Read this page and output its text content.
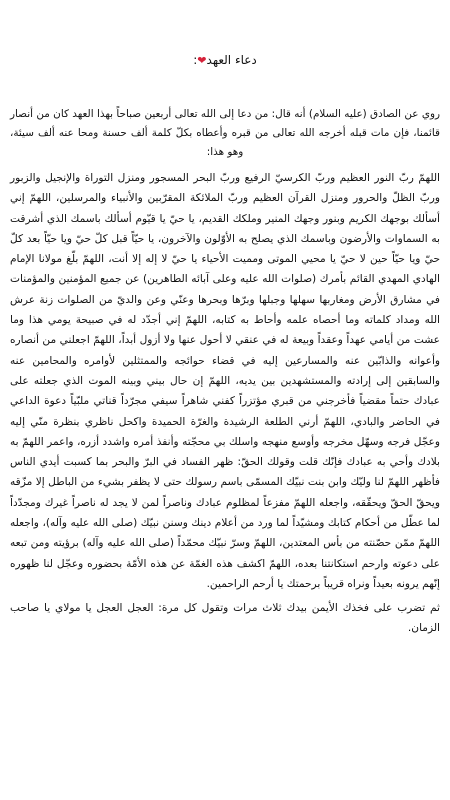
دعاء العهد❤:

روي عن الصادق (عليه السلام) أنه قال: من دعا إلى الله تعالى أربعين صباحاً بهذا العهد كان من أنصار قائمنا، فإن مات قبله أخرجه الله تعالى من قبره وأعطاه بكلّ كلمة ألف حسنة ومحا عنه ألف سيئة، وهو هذا:

اللهمّ ربّ النور العظيم وربّ الكرسيّ الرفيع وربّ البحر المسجور ومنزل التوراة والإنجيل والزبور وربّ الظلّ والحرور ومنزل القرآن العظيم وربّ الملائكة المقرّبين والأنبياء والمرسلين، اللهمّ إني أسألك بوجهك الكريم وبنور وجهك المنير وملكك القديم، يا حيّ يا قيّوم أسألك باسمك الذي أشرقت به السماوات والأرضون وباسمك الذي يصلح به الأوّلون والآخرون، يا حيّاً قبل كلّ حيّ ويا حيّاً بعد كلّ حيّ ويا حيّاً حين لا حيّ يا محيي الموتى ومميت الأحياء يا حيّ لا إله إلا أنت، اللهمّ بلّغ مولانا الإمام الهادي المهدي القائم بأمرك (صلوات الله عليه وعلى آبائه الطاهرين) عن جميع المؤمنين والمؤمنات في مشارق الأرض ومغاربها سهلها وجبلها وبرّها وبحرها وعنّي وعن والديّ من الصلوات زنة عرش الله ومداد كلماته وما أحصاه علمه وأحاط به كتابه، اللهمّ إني أجدّد له في صبيحة يومي هذا وما عشت من أيامي عهداً وعقداً وبيعة له في عنقي لا أحول عنها ولا أزول أبداً، اللهمّ اجعلني من أنصاره وأعوانه والذابّين عنه والمسارعين إليه في قضاء حوائجه والممتثلين لأوامره والمحامين عنه والسابقين إلى إرادته والمستشهدين بين يديه، اللهمّ إن حال بيني وبينه الموت الذي جعلته على عبادك حتماً مقضياً فأخرجني من قبري مؤتزراً كفني شاهراً سيفي مجرّداً قناتي ملبّياً دعوة الداعي في الحاضر والبادي، اللهمّ أرني الطلعة الرشيدة والغرّة الحميدة واكحل ناظري بنظرة منّي إليه وعجّل فرجه وسهّل مخرجه وأوسع منهجه واسلك بي محجّته وأنفذ أمره واشدد أزره، واعمر اللهمّ به بلادك وأحي به عبادك فإنّك قلت وقولك الحقّ: ظهر الفساد في البرّ والبحر بما كسبت أيدي الناس فأظهر اللهمّ لنا وليّك وابن بنت نبيّك المسمّى باسم رسولك حتى لا يظفر بشيء من الباطل إلا مزّقه ويحقّ الحقّ ويحقّقه، واجعله اللهمّ مفزعاً لمظلوم عبادك وناصراً لمن لا يجد له ناصراً غيرك ومجدّداً لما عطّل من أحكام كتابك ومشيّداً لما ورد من أعلام دينك وسنن نبيّك (صلى الله عليه وآله)، واجعله اللهمّ ممّن حصّنته من بأس المعتدين، اللهمّ وسرّ نبيّك محمّداً (صلى الله عليه وآله) برؤيته ومن تبعه على دعوته وارحم استكانتنا بعده، اللهمّ اكشف هذه الغمّة عن هذه الأمّة بحضوره وعجّل لنا ظهوره إنّهم يرونه بعيداً ونراه قريباً برحمتك يا أرحم الراحمين.

ثم تضرب على فخذك الأيمن بيدك ثلاث مرات وتقول كل مرة: العجل العجل يا مولاي يا صاحب الزمان.
